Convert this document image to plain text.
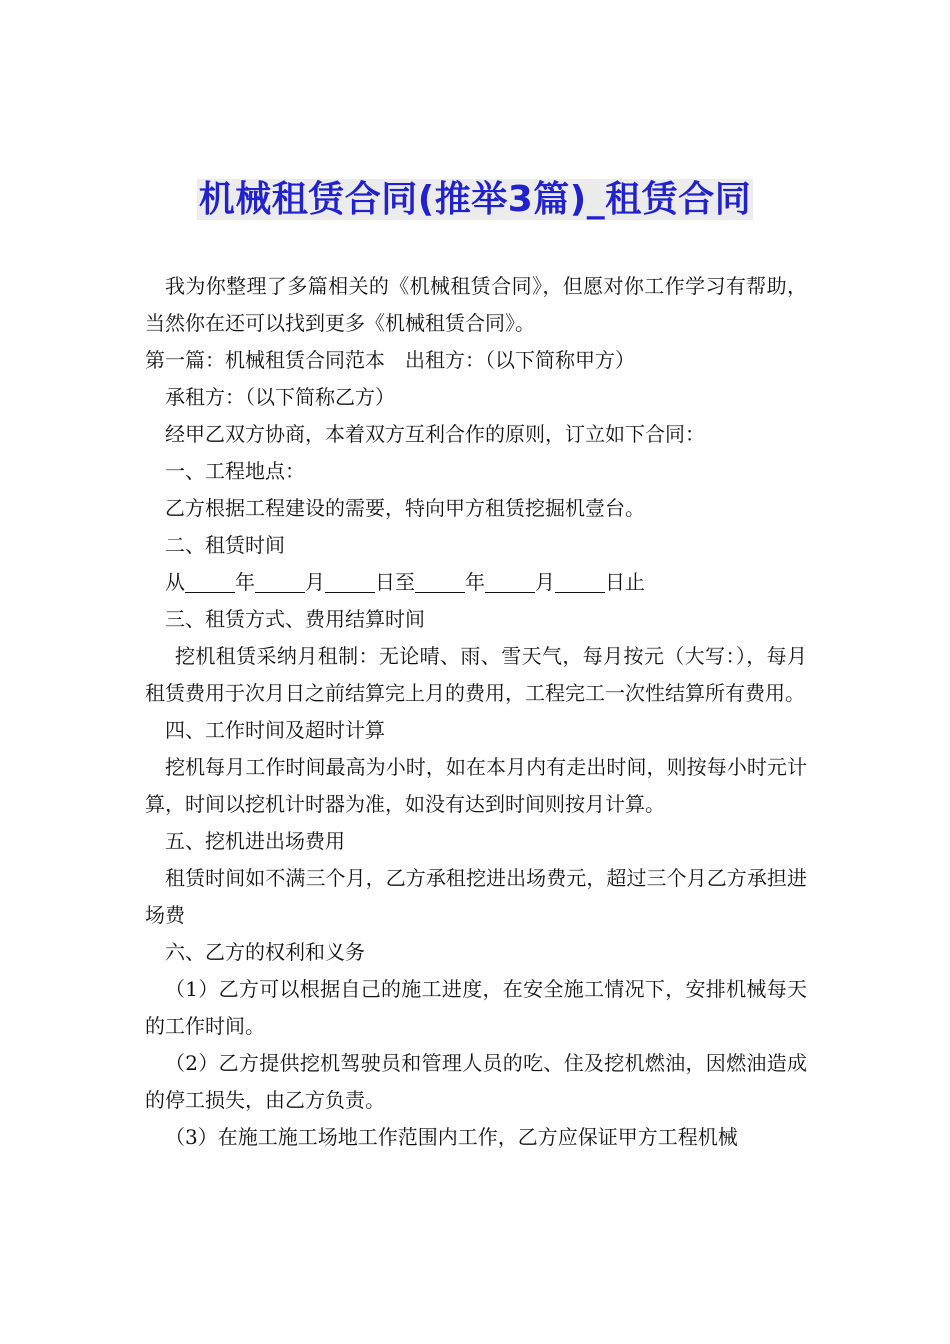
机械租赁合同(推举3篇)_租赁合同

我为你整理了多篇相关的《机械租赁合同》，但愿对你工作学习有帮助，当然你在还可以找到更多《机械租赁合同》。

第一篇：机械租赁合同范本　出租方：（以下简称甲方）

承租方：（以下简称乙方）

经甲乙双方协商，本着双方互利合作的原则，订立如下合同：

一、工程地点：

乙方根据工程建设的需要，特向甲方租赁挖掘机壹台。

二、租赁时间

从	年	月	日至	年	月	日止

三、租赁方式、费用结算时间

挖机租赁采纳月租制：无论晴、雨、雪天气，每月按元（大写：），每月租赁费用于次月日之前结算完上月的费用，工程完工一次性结算所有费用。

四、工作时间及超时计算

挖机每月工作时间最高为小时，如在本月内有走出时间，则按每小时元计算，时间以挖机计时器为准，如没有达到时间则按月计算。

五、挖机进出场费用

租赁时间如不满三个月，乙方承租挖进出场费元，超过三个月乙方承担进场费

六、乙方的权利和义务

（1）乙方可以根据自己的施工进度，在安全施工情况下，安排机械每天的工作时间。

（2）乙方提供挖机驾驶员和管理人员的吃、住及挖机燃油，因燃油造成的停工损失，由乙方负责。

（3）在施工施工场地工作范围内工作，乙方应保证甲方工程机械
